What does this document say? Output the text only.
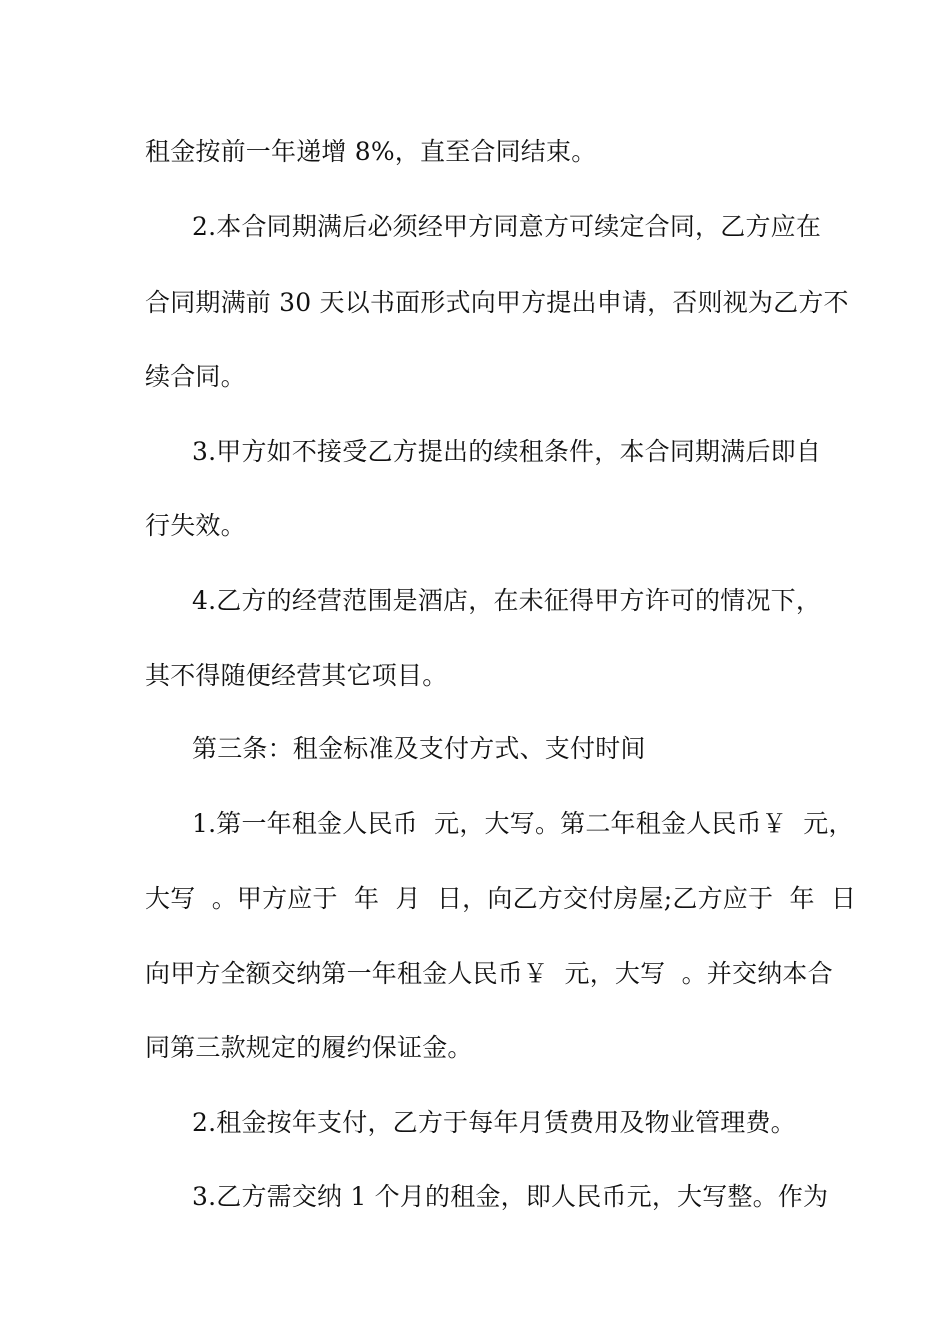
租金按前一年递增 8%，直至合同结束。
2.本合同期满后必须经甲方同意方可续定合同，乙方应在
合同期满前 30 天以书面形式向甲方提出申请，否则视为乙方不
续合同。
3.甲方如不接受乙方提出的续租条件，本合同期满后即自
行失效。
4.乙方的经营范围是酒店，在未征得甲方许可的情况下，
其不得随便经营其它项目。
第三条：租金标准及支付方式、支付时间
1.第一年租金人民币  元，大写。第二年租金人民币￥  元，
大写  。甲方应于  年  月  日，向乙方交付房屋;乙方应于  年  日
向甲方全额交纳第一年租金人民币￥  元，大写  。并交纳本合
同第三款规定的履约保证金。
2.租金按年支付，乙方于每年月赁费用及物业管理费。
3.乙方需交纳 1 个月的租金，即人民币元，大写整。作为
